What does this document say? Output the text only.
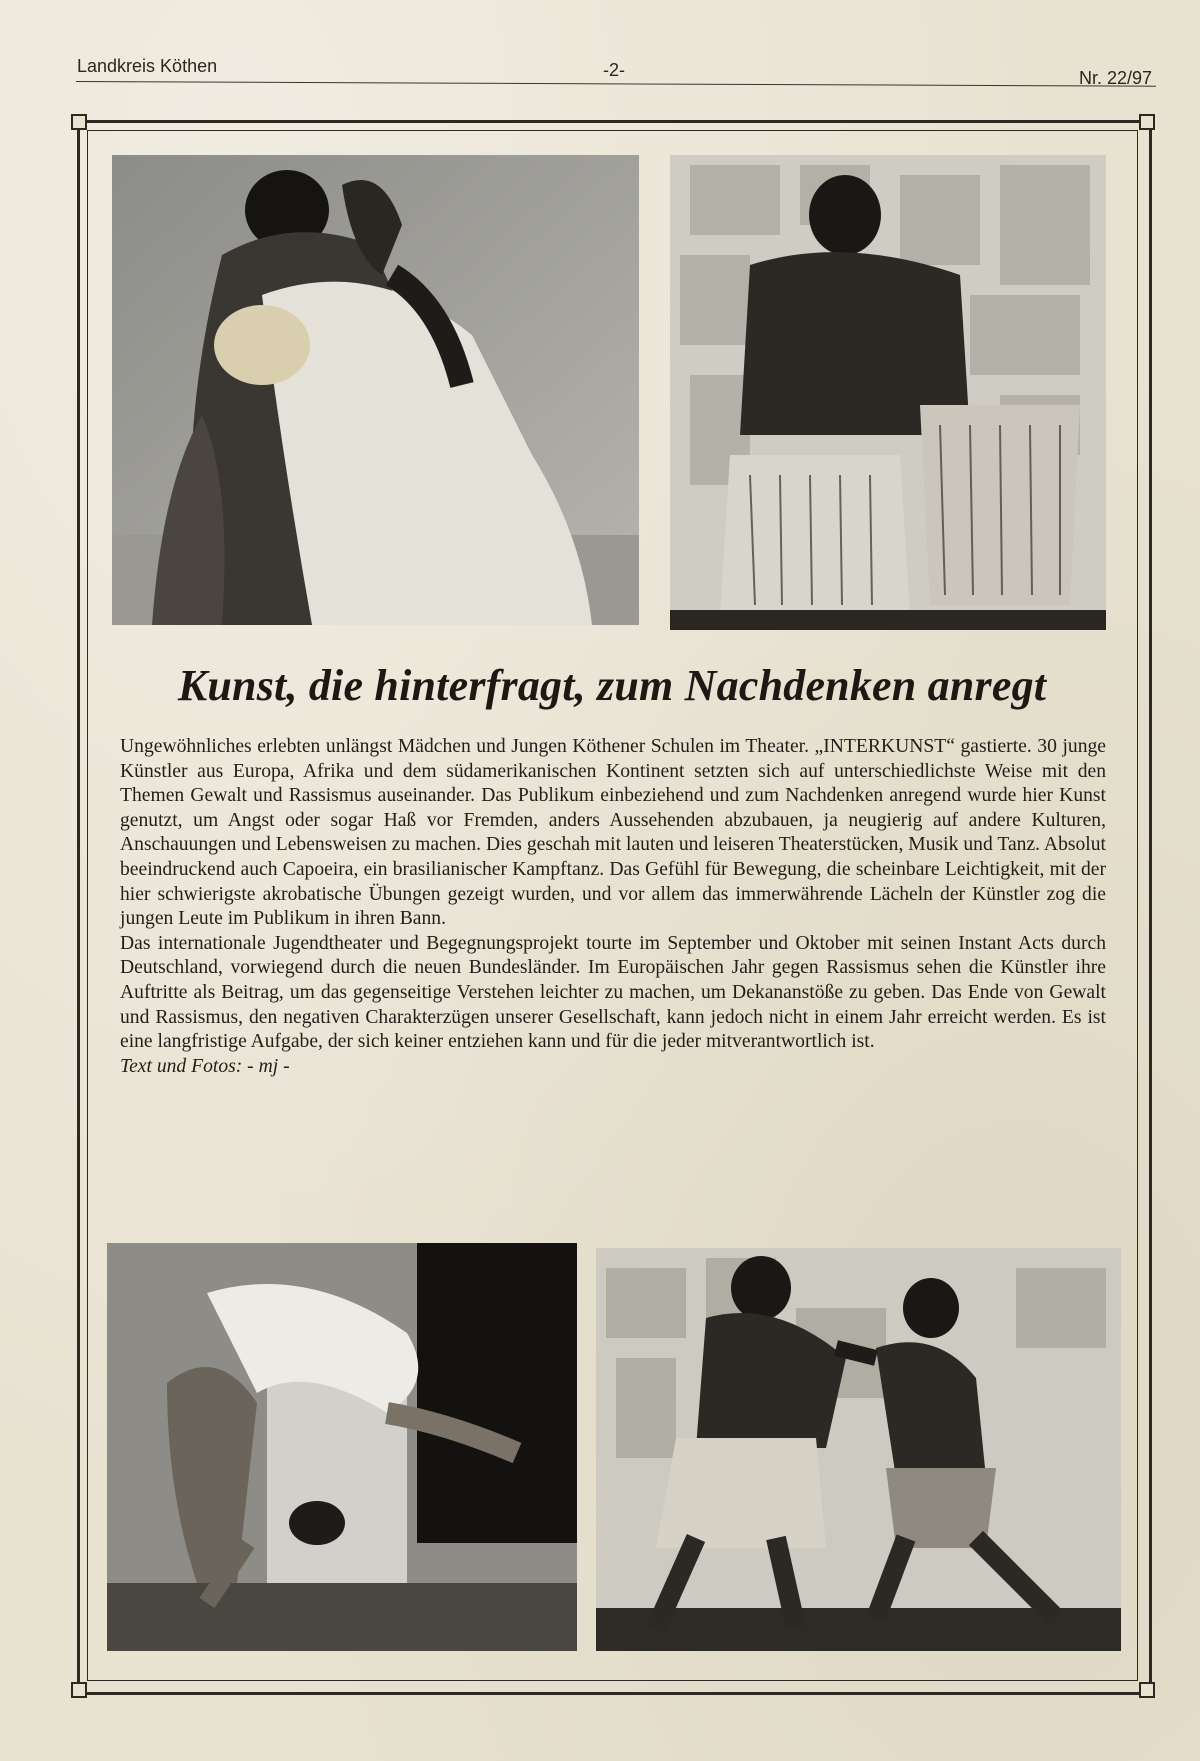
Landkreis Köthen	-2-	Nr. 22/97
Kunst, die hinterfragt, zum Nachdenken anregt

Ungewöhnliches erlebten unlängst Mädchen und Jungen Köthener Schulen im Theater. „INTERKUNST“ gastierte. 30 junge Künstler aus Europa, Afrika und dem südamerikanischen Kontinent setzten sich auf unterschiedlichste Weise mit den Themen Gewalt und Rassismus auseinander. Das Publikum einbeziehend und zum Nachdenken anregend wurde hier Kunst genutzt, um Angst oder sogar Haß vor Fremden, anders Aussehenden abzubauen, ja neugierig auf andere Kulturen, Anschauungen und Lebensweisen zu machen. Dies geschah mit lauten und leiseren Theaterstücken, Musik und Tanz. Absolut beeindruckend auch Capoeira, ein brasilianischer Kampftanz. Das Gefühl für Bewegung, die scheinbare Leichtigkeit, mit der hier schwierigste akrobatische Übungen gezeigt wurden, und vor allem das immerwährende Lächeln der Künstler zog die jungen Leute im Publikum in ihren Bann.

Das internationale Jugendtheater und Begegnungsprojekt tourte im September und Oktober mit seinen Instant Acts durch Deutschland, vorwiegend durch die neuen Bundesländer. Im Europäischen Jahr gegen Rassismus sehen die Künstler ihre Auftritte als Beitrag, um das gegenseitige Verstehen leichter zu machen, um Dekananstöße zu geben. Das Ende von Gewalt und Rassismus, den negativen Charakterzügen unserer Gesellschaft, kann jedoch nicht in einem Jahr erreicht werden. Es ist eine langfristige Aufgabe, der sich keiner entziehen kann und für die jeder mitverantwortlich ist.

Text und Fotos: - mj -
